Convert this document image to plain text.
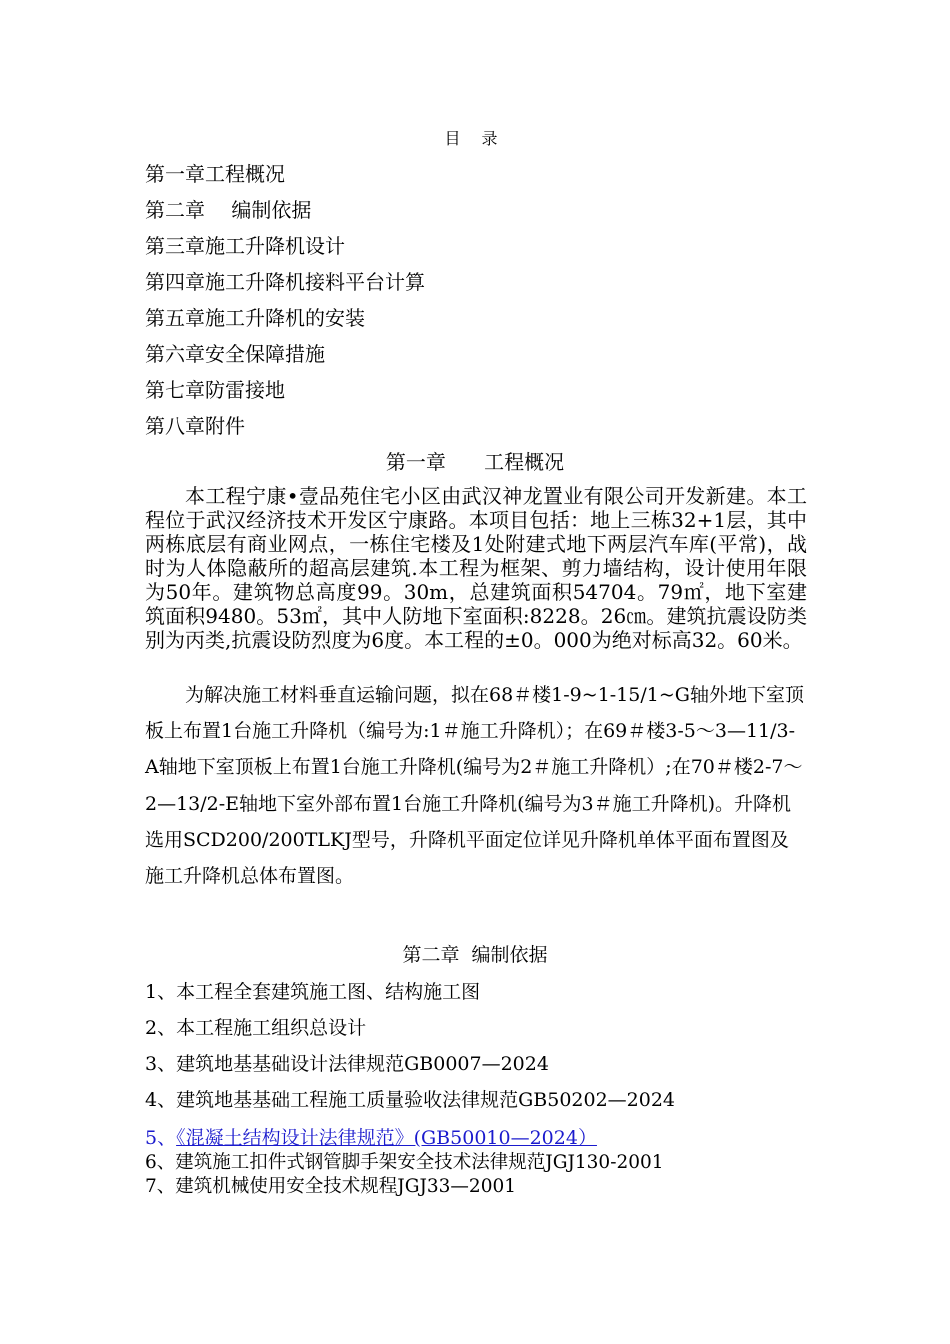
目 录
第一章工程概况
第二章　 编制依据
第三章施工升降机设计
第四章施工升降机接料平台计算
第五章施工升降机的安装
第六章安全保障措施
第七章防雷接地
第八章附件
第一章      工程概况
本工程宁康•壹品苑住宅小区由武汉神龙置业有限公司开发新建。本工程位于武汉经济技术开发区宁康路。本项目包括：地上三栋32+1层，其中两栋底层有商业网点，一栋住宅楼及1处附建式地下两层汽车库(平常)，战时为人体隐蔽所的超高层建筑.本工程为框架、剪力墙结构，设计使用年限为50年。建筑物总高度99。30m，总建筑面积54704。79㎡，地下室建筑面积9480。53㎡，其中人防地下室面积:8228。26㎝。建筑抗震设防类别为丙类,抗震设防烈度为6度。本工程的±0。000为绝对标高32。60米。
为解决施工材料垂直运输问题，拟在68＃楼1-9~1-15/1~G轴外地下室顶板上布置1台施工升降机（编号为:1＃施工升降机）；在69＃楼3-5～3—11/3-A轴地下室顶板上布置1台施工升降机(编号为2＃施工升降机）;在70＃楼2-7～2—13/2-E轴地下室外部布置1台施工升降机(编号为3＃施工升降机)。升降机选用SCD200/200TLKJ型号，升降机平面定位详见升降机单体平面布置图及施工升降机总体布置图。
第二章  编制依据
1、本工程全套建筑施工图、结构施工图
2、本工程施工组织总设计
3、建筑地基基础设计法律规范GB0007—2024
4、建筑地基基础工程施工质量验收法律规范GB50202—2024
5、《混凝土结构设计法律规范》(GB50010—2024）
6、建筑施工扣件式钢管脚手架安全技术法律规范JGJ130-2001
7、建筑机械使用安全技术规程JGJ33—2001
